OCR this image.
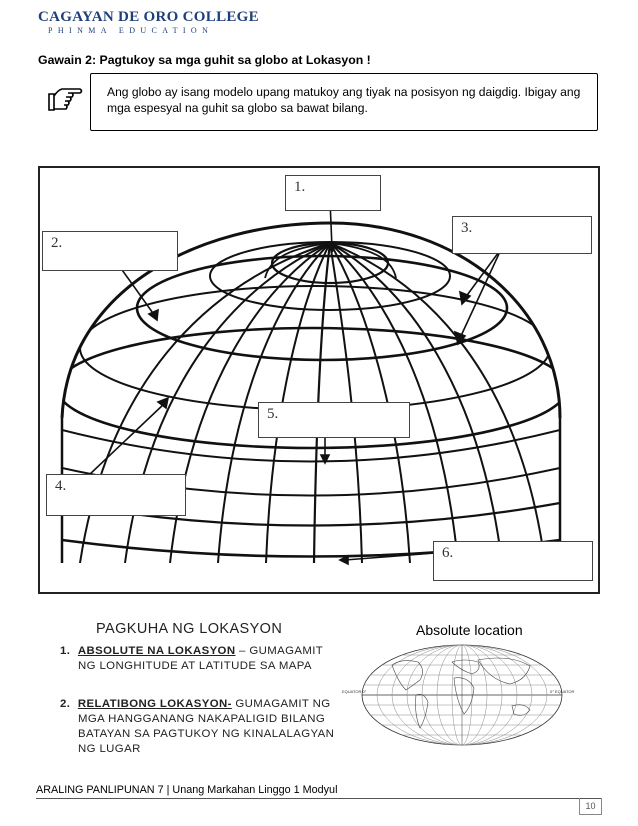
CAGAYAN DE ORO COLLEGE
PHINMA EDUCATION
Gawain 2: Pagtukoy sa mga guhit sa globo at Lokasyon !
Ang globo ay isang modelo upang matukoy ang tiyak na posisyon ng daigdig. Ibigay ang mga espesyal na guhit sa globo sa bawat bilang.
1.
2.
3.
4.
5.
6.
PAGKUHA NG LOKASYON
1. ABSOLUTE NA LOKASYON – GUMAGAMIT
NG LONGHITUDE AT LATITUDE SA MAPA
2. RELATIBONG LOKASYON- GUMAGAMIT NG
MGA HANGGANANG NAKAPALIGID BILANG
BATAYAN SA PAGTUKOY NG KINALALAGYAN
NG LUGAR
Absolute location
EQUATOR 0°	0° EQUATOR
ARALING PANLIPUNAN 7 | Unang Markahan Linggo 1 Modyul
10
